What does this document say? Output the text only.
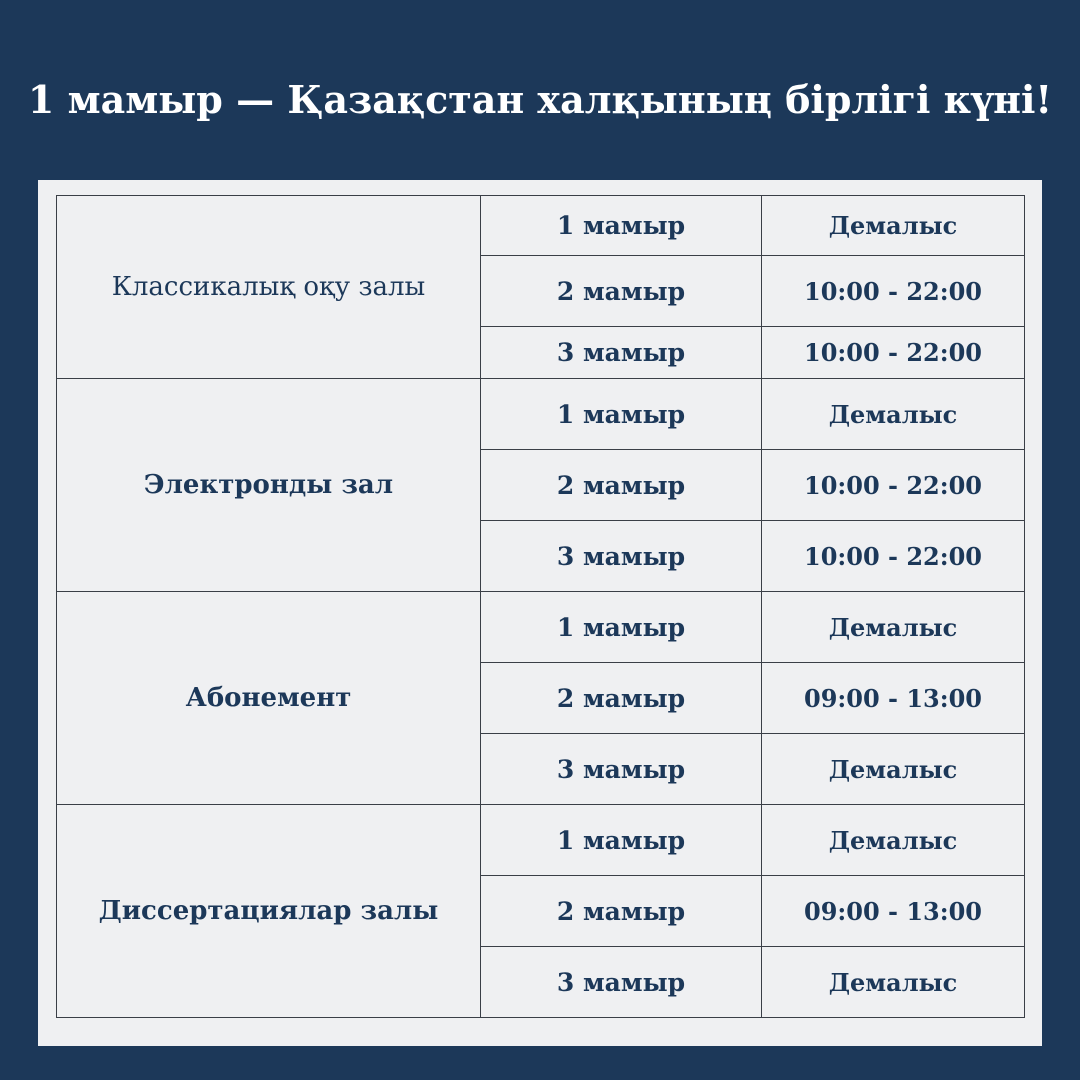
1 мамыр — Қазақстан халқының бірлігі күні!
Классикалық оқу залы	1 мамыр	Демалыс
	2 мамыр	10:00 - 22:00
	3 мамыр	10:00 - 22:00
Электронды зал	1 мамыр	Демалыс
	2 мамыр	10:00 - 22:00
	3 мамыр	10:00 - 22:00
Абонемент	1 мамыр	Демалыс
	2 мамыр	09:00 - 13:00
	3 мамыр	Демалыс
Диссертациялар залы	1 мамыр	Демалыс
	2 мамыр	09:00 - 13:00
	3 мамыр	Демалыс
